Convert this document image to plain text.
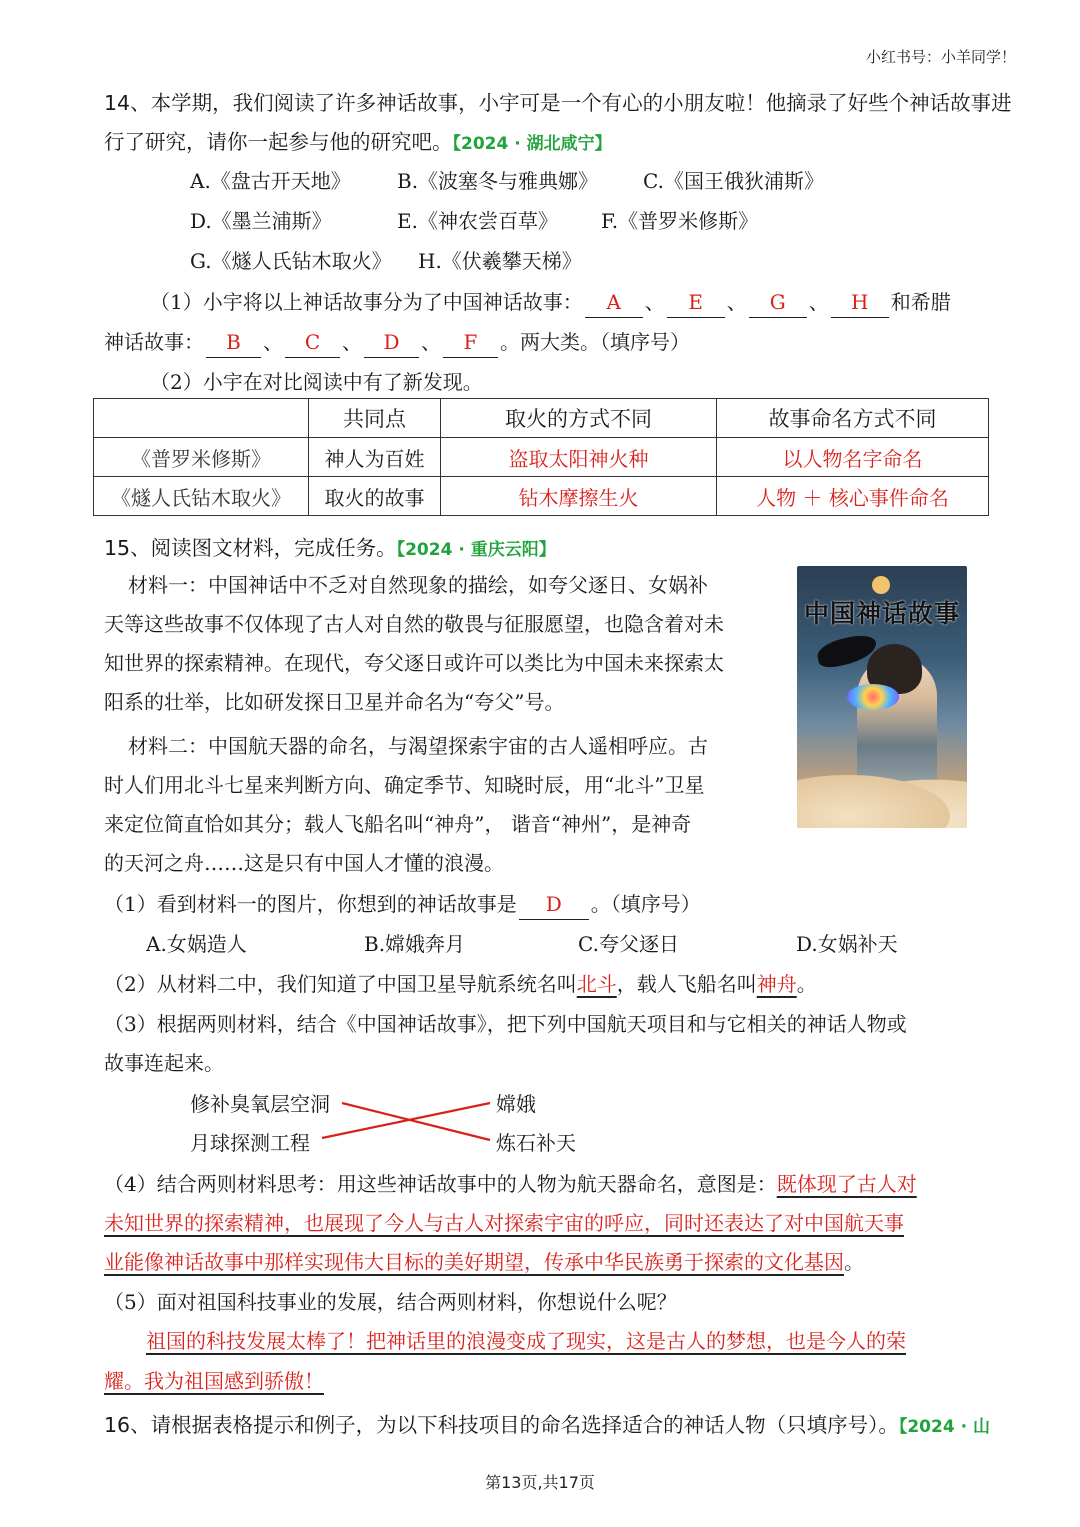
小红书号：小羊同学！
14、本学期，我们阅读了许多神话故事，小宇可是一个有心的小朋友啦！他摘录了好些个神话故事进
行了研究，请你一起参与他的研究吧。【2024 · 湖北咸宁】
A.《盘古开天地》 B.《波塞冬与雅典娜》 C.《国王俄狄浦斯》
D.《墨兰浦斯》	E.《神农尝百草》 F.《普罗米修斯》
G.《燧人氏钻木取火》 H.《伏羲攀天梯》
（1）小宇将以上神话故事分为了中国神话故事： A 、 E 、 G 、 H 和希腊
神话故事： B 、 C 、 D 、 F 。两大类。（填序号）
（2）小宇在对比阅读中有了新发现。
	共同点	取火的方式不同	故事命名方式不同
《普罗米修斯》	神人为百姓	盗取太阳神火种	以人物名字命名
《燧人氏钻木取火》	取火的故事	钻木摩擦生火	人物 ＋ 核心事件命名
15、阅读图文材料，完成任务。【2024 · 重庆云阳】
材料一：中国神话中不乏对自然现象的描绘，如夸父逐日、女娲补
天等这些故事不仅体现了古人对自然的敬畏与征服愿望，也隐含着对未
知世界的探索精神。在现代，夸父逐日或许可以类比为中国未来探索太
阳系的壮举，比如研发探日卫星并命名为“夸父”号。
材料二：中国航天器的命名，与渴望探索宇宙的古人遥相呼应。古
时人们用北斗七星来判断方向、确定季节、知晓时辰，用“北斗”卫星
来定位简直恰如其分；载人飞船名叫“神舟”， 谐音“神州”，是神奇
的天河之舟……这是只有中国人才懂的浪漫。
中国神话故事
（1）看到材料一的图片，你想到的神话故事是 D 。（填序号）
A.女娲造人	B.嫦娥奔月	C.夸父逐日	D.女娲补天
（2）从材料二中，我们知道了中国卫星导航系统名叫北斗，载人飞船名叫神舟。
（3）根据两则材料，结合《中国神话故事》，把下列中国航天项目和与它相关的神话人物或
故事连起来。
修补臭氧层空洞
月球探测工程
嫦娥
炼石补天
（4）结合两则材料思考：用这些神话故事中的人物为航天器命名，意图是：既体现了古人对
未知世界的探索精神，也展现了今人与古人对探索宇宙的呼应，同时还表达了对中国航天事
业能像神话故事中那样实现伟大目标的美好期望，传承中华民族勇于探索的文化基因。
（5）面对祖国科技事业的发展，结合两则材料，你想说什么呢？
祖国的科技发展太棒了！把神话里的浪漫变成了现实，这是古人的梦想，也是今人的荣
耀。我为祖国感到骄傲！
16、请根据表格提示和例子，为以下科技项目的命名选择适合的神话人物（只填序号）。【2024 · 山
第13页,共17页
